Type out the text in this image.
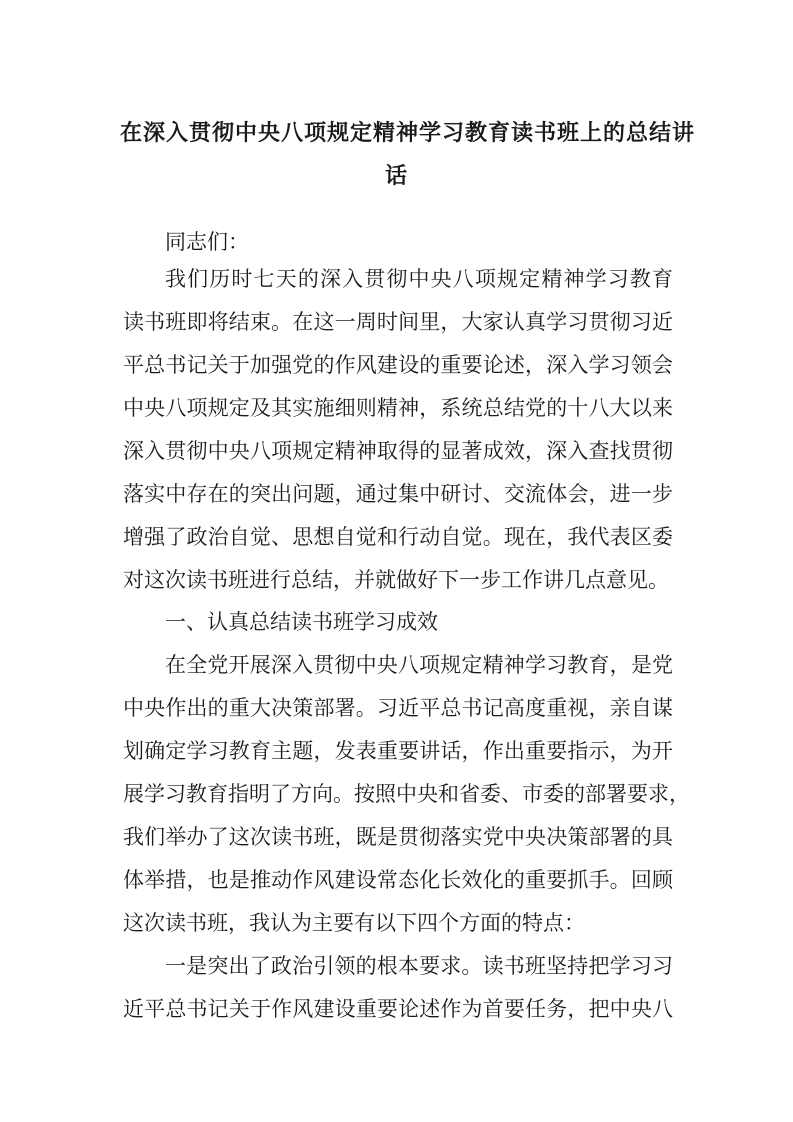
在深入贯彻中央八项规定精神学习教育读书班上的总结讲
话

同志们：

我们历时七天的深入贯彻中央八项规定精神学习教育

读书班即将结束。在这一周时间里，大家认真学习贯彻习近

平总书记关于加强党的作风建设的重要论述，深入学习领会

中央八项规定及其实施细则精神，系统总结党的十八大以来

深入贯彻中央八项规定精神取得的显著成效，深入查找贯彻

落实中存在的突出问题，通过集中研讨、交流体会，进一步

增强了政治自觉、思想自觉和行动自觉。现在，我代表区委

对这次读书班进行总结，并就做好下一步工作讲几点意见。

一、认真总结读书班学习成效

在全党开展深入贯彻中央八项规定精神学习教育，是党

中央作出的重大决策部署。习近平总书记高度重视，亲自谋

划确定学习教育主题，发表重要讲话，作出重要指示，为开

展学习教育指明了方向。按照中央和省委、市委的部署要求，

我们举办了这次读书班，既是贯彻落实党中央决策部署的具

体举措，也是推动作风建设常态化长效化的重要抓手。回顾

这次读书班，我认为主要有以下四个方面的特点：

一是突出了政治引领的根本要求。读书班坚持把学习习

近平总书记关于作风建设重要论述作为首要任务，把中央八
